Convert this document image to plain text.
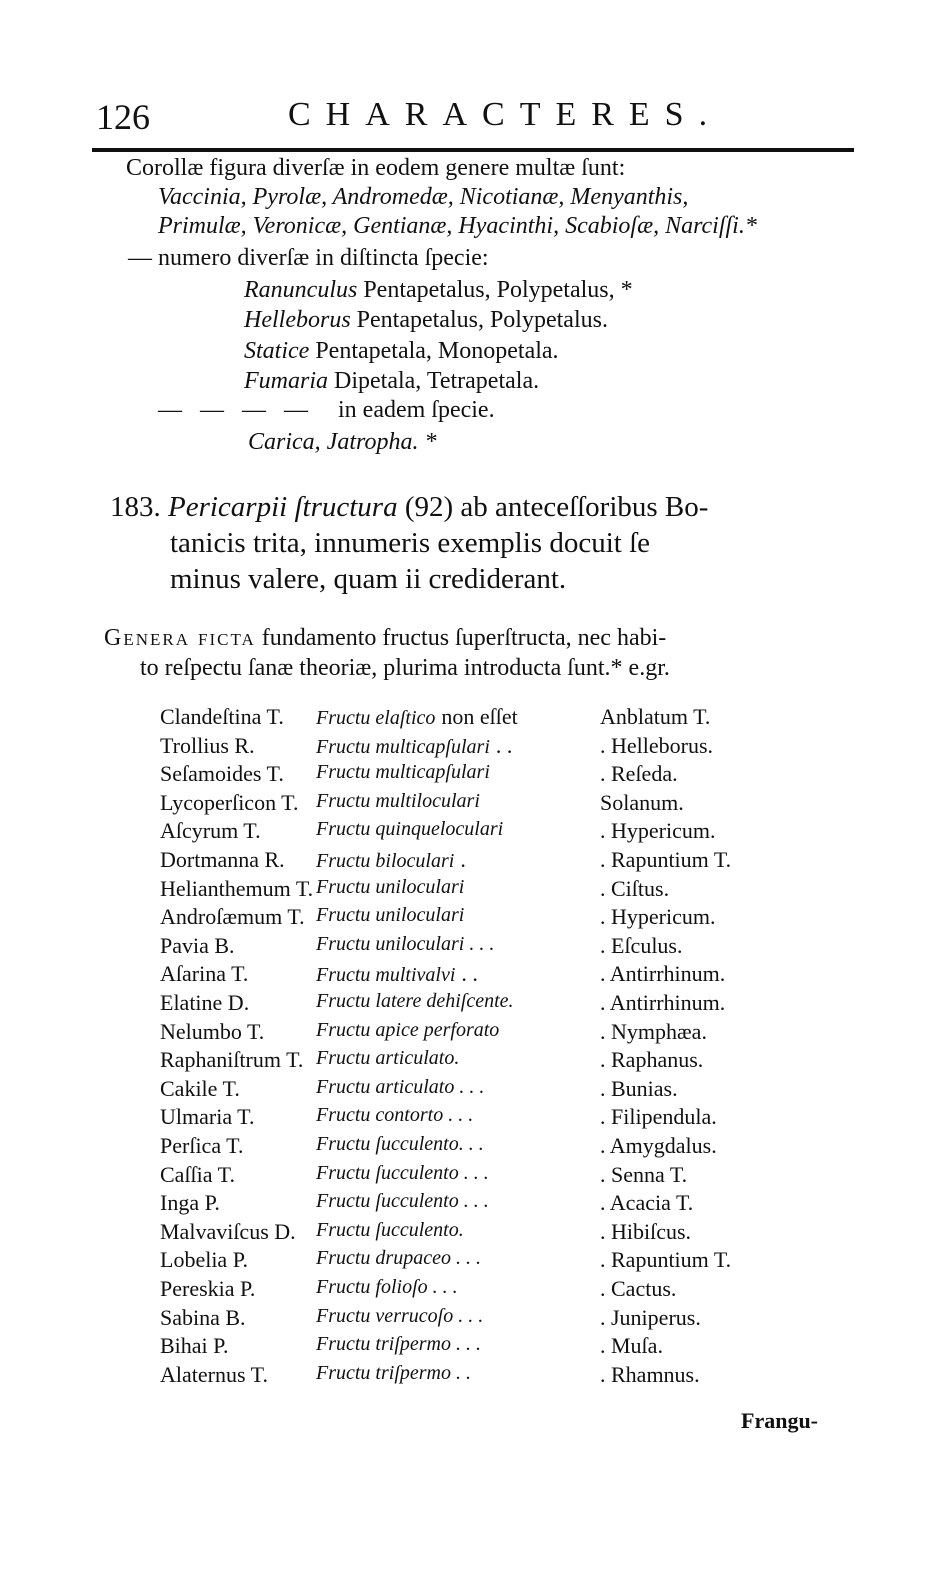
126	CHARACTERES.
Corollæ figura diverſæ in eodem genere multæ ſunt:
Vaccinia, Pyrolæ, Andromedæ, Nicotianæ, Menyanthis,
Primulæ, Veronicæ, Gentianæ, Hyacinthi, Scabioſæ, Narciſſi.*
— numero diverſæ in diſtincta ſpecie:
Ranunculus Pentapetalus, Polypetalus, *
Helleborus Pentapetalus, Polypetalus.
Statice Pentapetala, Monopetala.
Fumaria Dipetala, Tetrapetala.
— — — — in eadem ſpecie.
Carica, Jatropha. *
183. Pericarpii ſtructura (92) ab anteceſſoribus Bo-
tanicis trita, innumeris exemplis docuit ſe
minus valere, quam ii crediderant.
Genera ficta fundamento fructus ſuperſtructa, nec habi-
to reſpectu ſanæ theoriæ, plurima introducta ſunt.* e.gr.
Clandeſtina T. Fructu elaſtico non eſſet	Anblatum T.
Trollius R.	Fructu multicapſulari . .	. Helleborus.
Seſamoides T. Fructu multicapſulari	. Reſeda.
Lycoperſicon T. Fructu multiloculari	Solanum.
Aſcyrum T.	Fructu quinqueloculari	. Hypericum.
Dortmanna R. Fructu biloculari .	. Rapuntium T.
Helianthemum T. Fructu uniloculari	. Ciſtus.
Androſæmum T. Fructu uniloculari	. Hypericum.
Pavia B.	Fructu uniloculari . . .	. Eſculus.
Aſarina T.	Fructu multivalvi . .	. Antirrhinum.
Elatine D.	Fructu latere dehiſcente.	. Antirrhinum.
Nelumbo T.	Fructu apice perforato	. Nymphæa.
Raphaniſtrum T. Fructu articulato.	. Raphanus.
Cakile T.	Fructu articulato . . .	. Bunias.
Ulmaria T.	Fructu contorto . . .	. Filipendula.
Perſica T.	Fructu ſucculento. . .	. Amygdalus.
Caſſia T.	Fructu ſucculento . . .	. Senna T.
Inga P.	Fructu ſucculento . . .	. Acacia T.
Malvaviſcus D. Fructu ſucculento.	. Hibiſcus.
Lobelia P.	Fructu drupaceo . . .	. Rapuntium T.
Pereskia P.	Fructu folioſo . . .	. Cactus.
Sabina B.	Fructu verrucoſo . . .	. Juniperus.
Bihai P.	Fructu triſpermo . . .	. Muſa.
Alaternus T. Fructu triſpermo . .	. Rhamnus.
Frangu-
